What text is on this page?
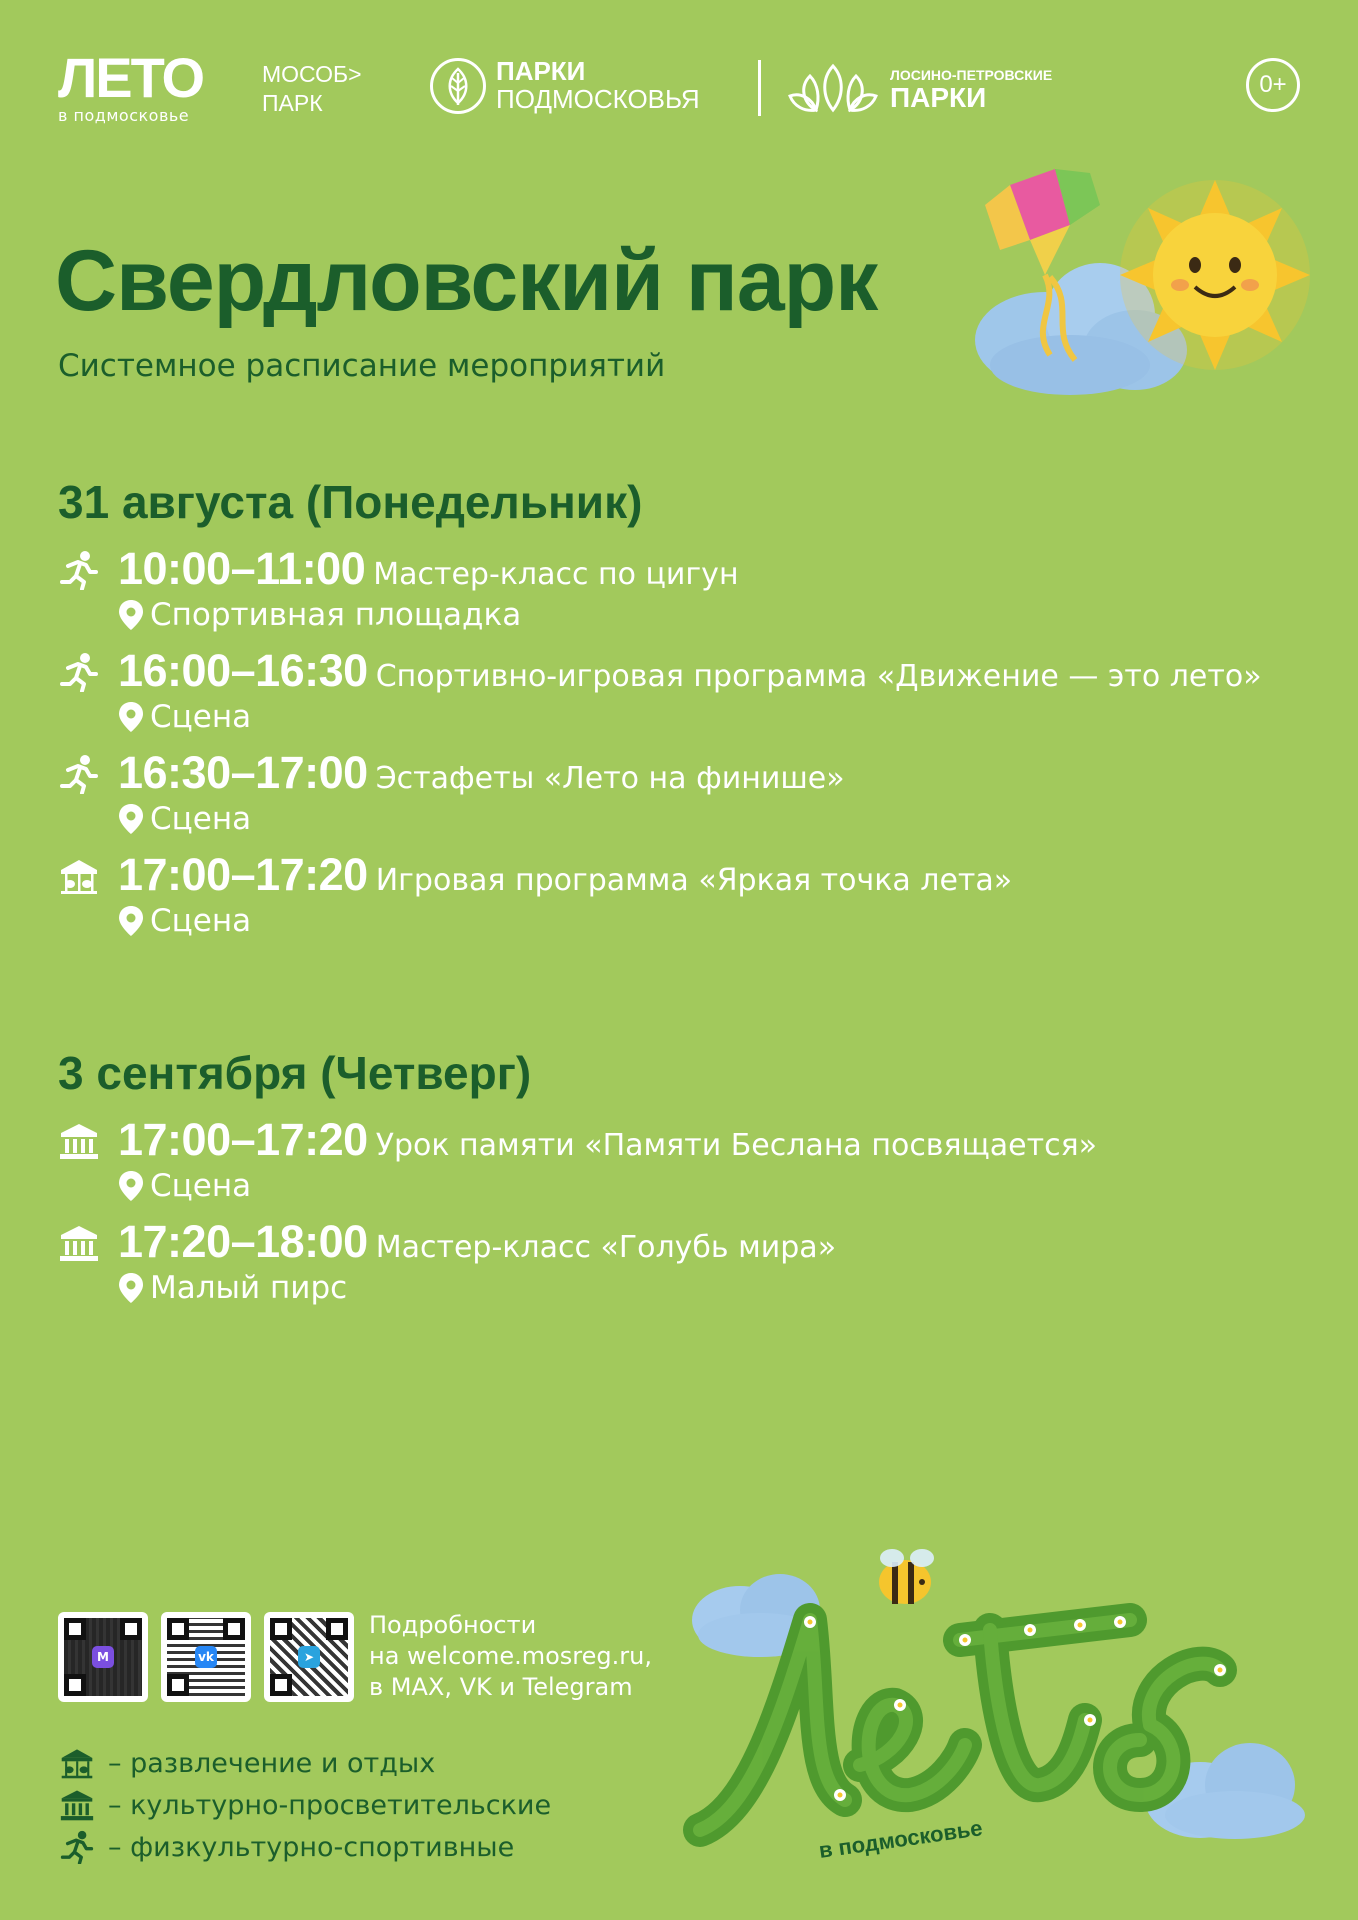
ЛЕТО
в подмосковье
МОСОБ>
ПАРК
ПАРКИ
ПОДМОСКОВЬЯ
ЛОСИНО-ПЕТРОВСКИЕ
ПАРКИ	0+
Свердловский парк
Системное расписание мероприятий
31 августа (Понедельник)
10:00–11:00 Мастер-класс по цигун
Спортивная площадка
16:00–16:30 Спортивно-игровая программа «Движение — это лето»
Сцена
16:30–17:00 Эстафеты «Лето на финише»
Сцена
17:00–17:20 Игровая программа «Яркая точка лета»
Сцена
3 сентября (Четверг)
17:00–17:20 Урок памяти «Памяти Беслана посвящается»
Сцена
17:20–18:00 Мастер-класс «Голубь мира»
Малый пирс
M	vk	➤
Подробности
на welcome.mosreg.ru,
в MAX, VK и Telegram
– развлечение и отдых
– культурно-просветительские
– физкультурно-спортивные	в подмосковье
